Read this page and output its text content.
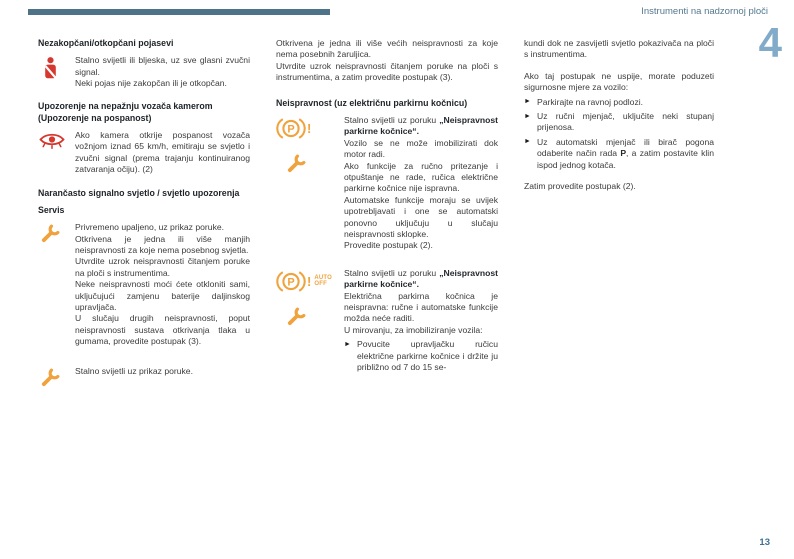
Instrumenti na nadzornoj ploči
4
Nezakopčani/otkopčani pojasevi

Stalno svijetli ili bljeska, uz sve glasni zvučni signal.

Neki pojas nije zakopčan ili je otkopčan.

Upozorenje na nepažnju vozača kamerom (Upozorenje na pospanost)

Ako kamera otkrije pospanost vozača vožnjom iznad 65 km/h, emitiraju se svjetlo i zvučni signal (prema trajanju kontinuiranog zatvaranja očiju). (2)

Narančasto signalno svjetlo / svjetlo upozorenja
Servis

Privremeno upaljeno, uz prikaz poruke.

Otkrivena je jedna ili više manjih neispravnosti za koje nema posebnog svjetla.

Utvrdite uzrok neispravnosti čitanjem poruke na ploči s instrumentima.

Neke neispravnosti moći ćete otkloniti sami, uključujući zamjenu baterije daljinskog upravljača.

U slučaju drugih neispravnosti, poput neispravnosti sustava otkrivanja tlaka u gumama, provedite postupak (3).

Stalno svijetli uz prikaz poruke.

Otkrivena je jedna ili više većih neispravnosti za koje nema posebnih žaruljica.

Utvrdite uzrok neispravnosti čitanjem poruke na ploči s instrumentima, a zatim provedite postupak (3).

Neispravnost (uz električnu parkirnu kočnicu)
P !

Stalno svijetli uz poruku „Neispravnost parkirne kočnice“.

Vozilo se ne može imobilizirati dok motor radi.

Ako funkcije za ručno pritezanje i otpuštanje ne rade, ručica električne parkirne kočnice nije ispravna.

Automatske funkcije moraju se uvijek upotrebljavati i one se automatski ponovno uključuju u slučaju neispravnosti sklopke.

Provedite postupak (2).

P ! AUTO
OFF

Stalno svijetli uz poruku „Neispravnost parkirne kočnice“.

Električna parkirna kočnica je neispravna: ručne i automatske funkcije možda neće raditi.

U mirovanju, za imobiliziranje vozila:

► Povucite upravljačku ručicu električne parkirne kočnice i držite ju približno od 7 do 15 se-

kundi dok ne zasvijetli svjetlo pokazivača na ploči s instrumentima.

Ako taj postupak ne uspije, morate poduzeti sigurnosne mjere za vozilo:

► Parkirajte na ravnoj podlozi.

► Uz ručni mjenjač, uključite neki stupanj prijenosa.

► Uz automatski mjenjač ili birač pogona odaberite način rada P, a zatim postavite klin ispod jednog kotača.

Zatim provedite postupak (2).

13
